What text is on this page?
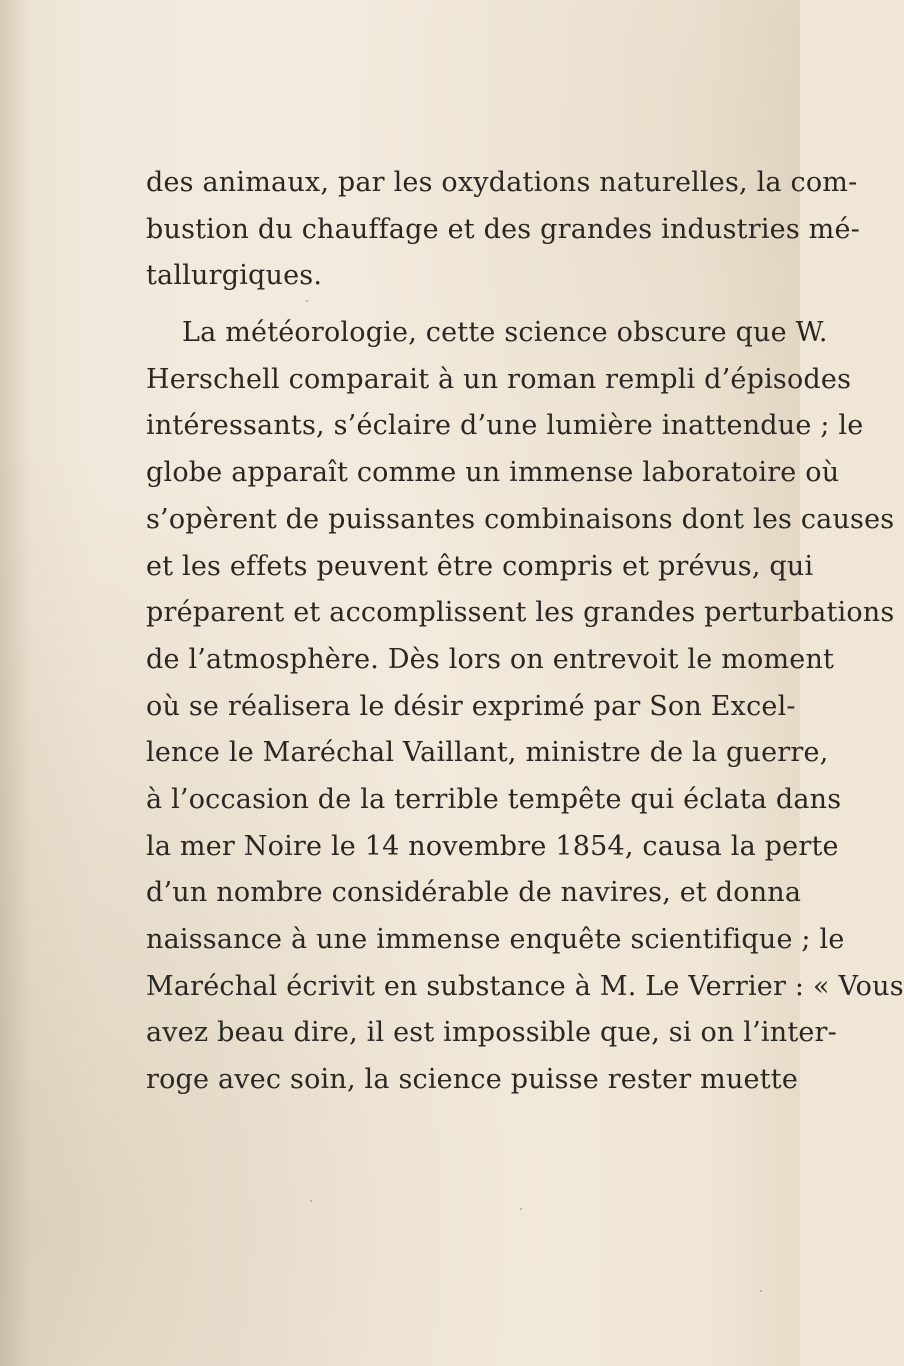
des animaux, par les oxydations naturelles, la com-
bustion du chauffage et des grandes industries mé-
tallurgiques.
La météorologie, cette science obscure que W.
Herschell comparait à un roman rempli d’épisodes
intéressants, s’éclaire d’une lumière inattendue ; le
globe apparaît comme un immense laboratoire où
s’opèrent de puissantes combinaisons dont les causes
et les effets peuvent être compris et prévus, qui
préparent et accomplissent les grandes perturbations
de l’atmosphère. Dès lors on entrevoit le moment
où se réalisera le désir exprimé par Son Excel-
lence le Maréchal Vaillant, ministre de la guerre,
à l’occasion de la terrible tempête qui éclata dans
la mer Noire le 14 novembre 1854, causa la perte
d’un nombre considérable de navires, et donna
naissance à une immense enquête scientifique ; le
Maréchal écrivit en substance à M. Le Verrier : « Vous
avez beau dire, il est impossible que, si on l’inter-
roge avec soin, la science puisse rester muette
